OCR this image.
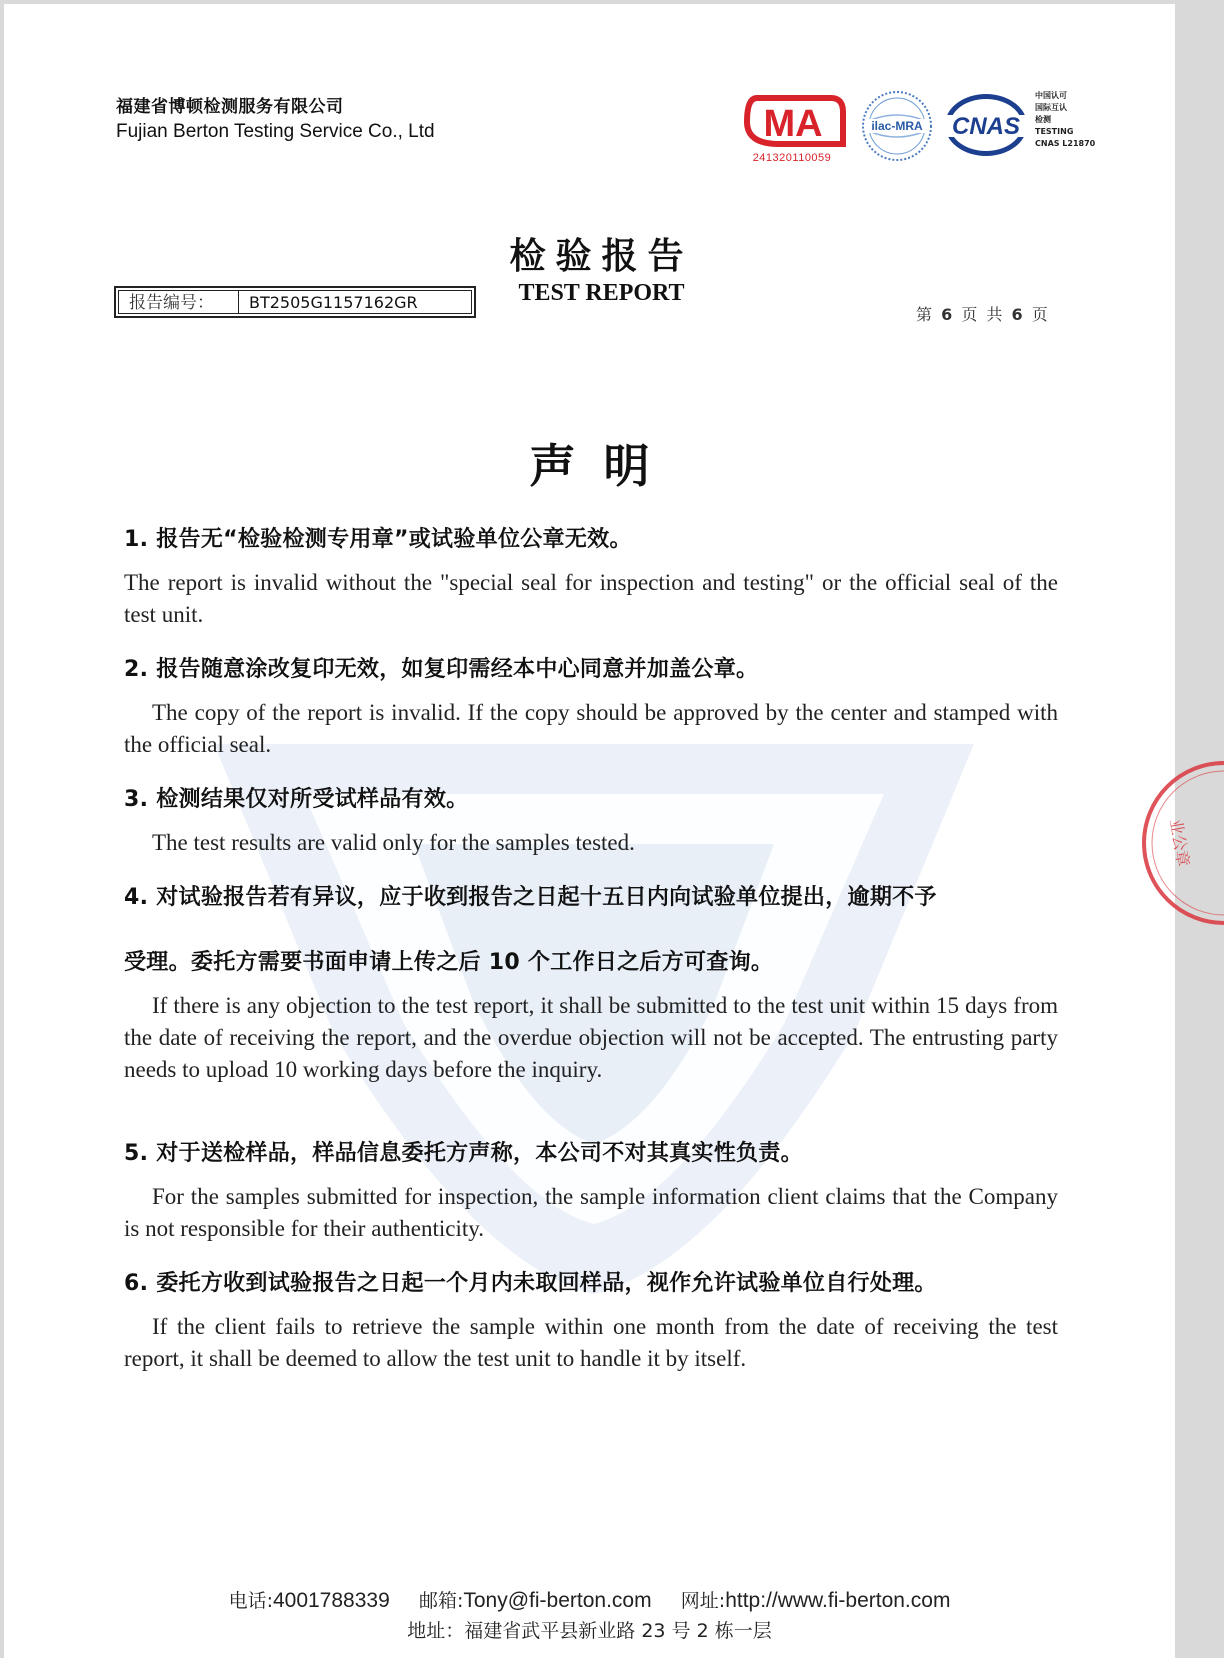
福建省博顿检测服务有限公司
Fujian Berton Testing Service Co., Ltd	MA
241320110059
ilac-MRA CNAS
中国认可
国际互认
检测
TESTING
CNAS L21870
检验报告
TEST REPORT
报告编号：	BT2505G1157162GR
第 6 页 共 6 页
声明
1. 报告无“检验检测专用章”或试验单位公章无效。
The report is invalid without the "special seal for inspection and testing" or the official seal of the test unit.
2. 报告随意涂改复印无效，如复印需经本中心同意并加盖公章。
The copy of the report is invalid. If the copy should be approved by the center and stamped with the official seal.
3. 检测结果仅对所受试样品有效。
The test results are valid only for the samples tested.
4. 对试验报告若有异议，应于收到报告之日起十五日内向试验单位提出，逾期不予
受理。委托方需要书面申请上传之后 10 个工作日之后方可查询。
If there is any objection to the test report, it shall be submitted to the test unit within 15 days from the date of receiving the report, and the overdue objection will not be accepted. The entrusting party needs to upload 10 working days before the inquiry.
5. 对于送检样品，样品信息委托方声称，本公司不对其真实性负责。
For the samples submitted for inspection, the sample information client claims that the Company is not responsible for their authenticity.
6. 委托方收到试验报告之日起一个月内未取回样品，视作允许试验单位自行处理。
If the client fails to retrieve the sample within one month from the date of receiving the test report, it shall be deemed to allow the test unit to handle it by itself.
业公章
电话:4001788339 邮箱:Tony@fi-berton.com 网址:http://www.fi-berton.com
地址：福建省武平县新业路 23 号 2 栋一层
